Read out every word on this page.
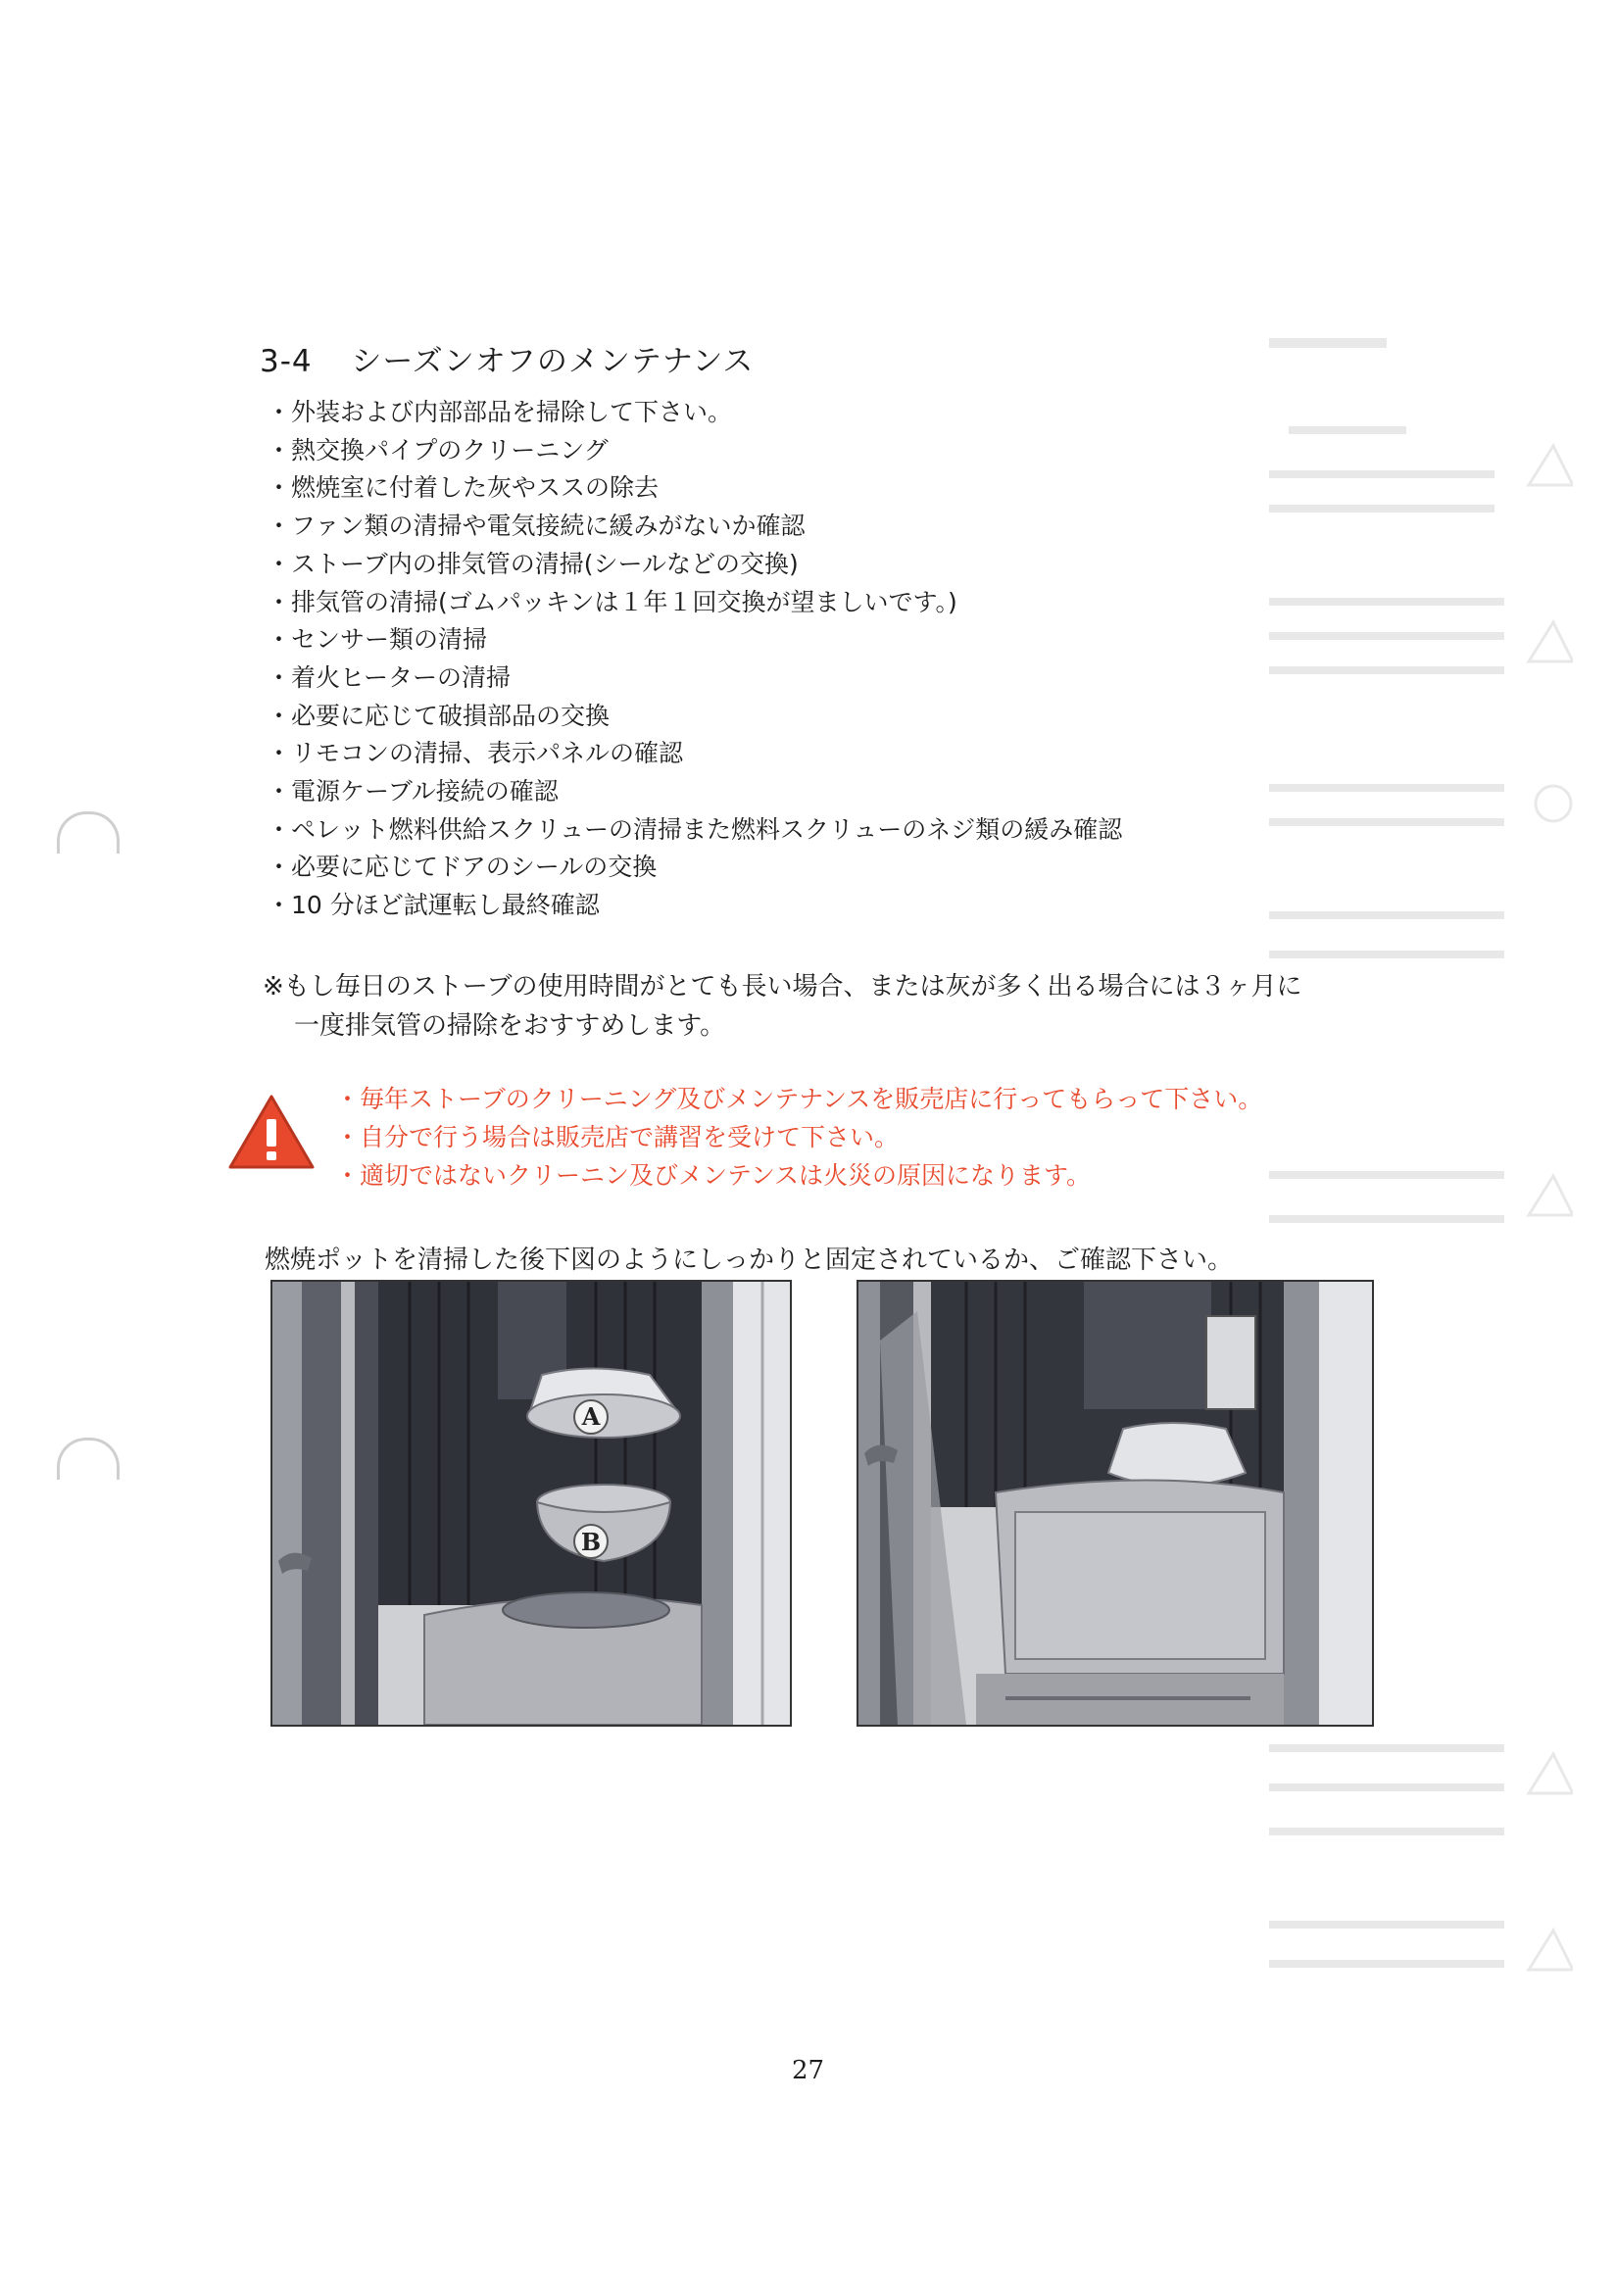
3-4 シーズンオフのメンテナンス
・ 外装および内部部品を掃除して下さい。
・ 熱交換パイプのクリーニング
・ 燃焼室に付着した灰やススの除去
・ ファン類の清掃や電気接続に緩みがないか確認
・ ストーブ内の排気管の清掃(シールなどの交換)
・ 排気管の清掃(ゴムパッキンは１年１回交換が望ましいです。)
・ センサー類の清掃
・ 着火ヒーターの清掃
・ 必要に応じて破損部品の交換
・ リモコンの清掃、表示パネルの確認
・ 電源ケーブル接続の確認
・ ペレット燃料供給スクリューの清掃また燃料スクリューのネジ類の緩み確認
・ 必要に応じてドアのシールの交換
・ 10 分ほど試運転し最終確認
※もし毎日のストーブの使用時間がとても長い場合、または灰が多く出る場合には３ヶ月に
一度排気管の掃除をおすすめします。
・ 毎年ストーブのクリーニング及びメンテナンスを販売店に行ってもらって下さい。
・ 自分で行う場合は販売店で講習を受けて下さい。
・ 適切ではないクリーニン及びメンテンスは火災の原因になります。
燃焼ポットを清掃した後下図のようにしっかりと固定されているか、ご確認下さい。
A
B
27
